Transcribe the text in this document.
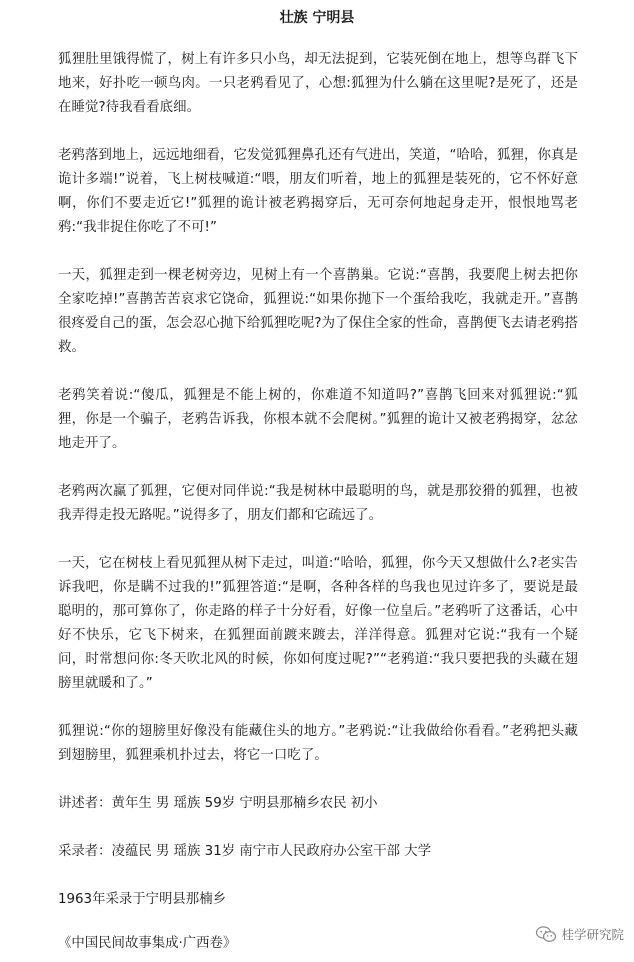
壮族 宁明县

狐狸肚里饿得慌了，树上有许多只小鸟，却无法捉到，它装死倒在地上，想等鸟群飞下地来，好扑吃一顿鸟肉。一只老鸦看见了，心想:狐狸为什么躺在这里呢?是死了，还是在睡觉?待我看看底细。

老鸦落到地上，远远地细看，它发觉狐狸鼻孔还有气进出，笑道，“哈哈，狐狸，你真是诡计多端!”说着，飞上树枝喊道:“喂，朋友们听着，地上的狐狸是装死的，它不怀好意啊，你们不要走近它!”狐狸的诡计被老鸦揭穿后，无可奈何地起身走开，恨恨地骂老鸦:“我非捉住你吃了不可!”

一天，狐狸走到一棵老树旁边，见树上有一个喜鹊巢。它说:“喜鹊，我要爬上树去把你全家吃掉!”喜鹊苦苦哀求它饶命，狐狸说:“如果你抛下一个蛋给我吃，我就走开。”喜鹊很疼爱自己的蛋，怎会忍心抛下给狐狸吃呢?为了保住全家的性命，喜鹊便飞去请老鸦搭救。

老鸦笑着说:“傻瓜，狐狸是不能上树的，你难道不知道吗?”喜鹊飞回来对狐狸说:“狐狸，你是一个骗子，老鸦告诉我，你根本就不会爬树。”狐狸的诡计又被老鸦揭穿，忿忿地走开了。

老鸦两次赢了狐狸，它便对同伴说:“我是树林中最聪明的鸟，就是那狡猾的狐狸，也被我弄得走投无路呢。”说得多了，朋友们都和它疏远了。

一天，它在树枝上看见狐狸从树下走过，叫道:“哈哈，狐狸，你今天又想做什么?老实告诉我吧，你是瞒不过我的!”狐狸答道:“是啊，各种各样的鸟我也见过许多了，要说是最聪明的，那可算你了，你走路的样子十分好看，好像一位皇后。”老鸦听了这番话，心中好不快乐，它飞下树来，在狐狸面前踱来踱去，洋洋得意。狐狸对它说:“我有一个疑问，时常想问你:冬天吹北风的时候，你如何度过呢?”“老鸦道:“我只要把我的头藏在翅膀里就暖和了。”

狐狸说:“你的翅膀里好像没有能藏住头的地方。”老鸦说:“让我做给你看看。”老鸦把头藏到翅膀里，狐狸乘机扑过去，将它一口吃了。

讲述者：黄年生 男 瑶族 59岁 宁明县那楠乡农民 初小

采录者：凌蕴民 男 瑶族 31岁 南宁市人民政府办公室干部 大学

1963年采录于宁明县那楠乡

《中国民间故事集成·广西卷》

桂学研究院
